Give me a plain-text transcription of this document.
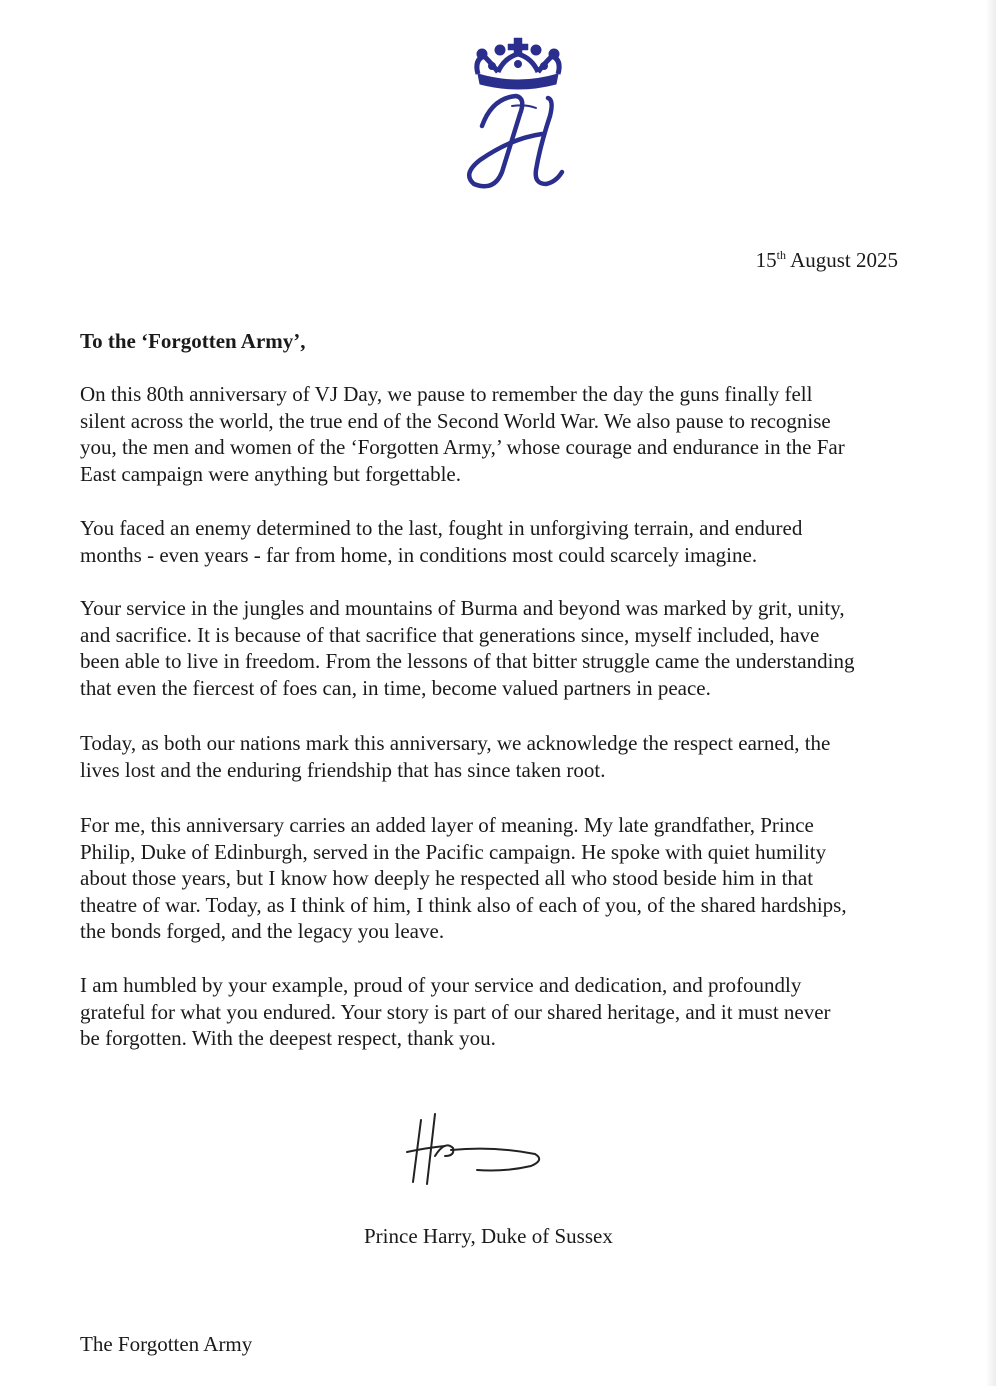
15th August 2025
To the ‘Forgotten Army’,

On this 80th anniversary of VJ Day, we pause to remember the day the guns finally fell
silent across the world, the true end of the Second World War. We also pause to recognise
you, the men and women of the ‘Forgotten Army,’ whose courage and endurance in the Far
East campaign were anything but forgettable.

You faced an enemy determined to the last, fought in unforgiving terrain, and endured
months - even years - far from home, in conditions most could scarcely imagine.

Your service in the jungles and mountains of Burma and beyond was marked by grit, unity,
and sacrifice. It is because of that sacrifice that generations since, myself included, have
been able to live in freedom. From the lessons of that bitter struggle came the understanding
that even the fiercest of foes can, in time, become valued partners in peace.

Today, as both our nations mark this anniversary, we acknowledge the respect earned, the
lives lost and the enduring friendship that has since taken root.

For me, this anniversary carries an added layer of meaning. My late grandfather, Prince
Philip, Duke of Edinburgh, served in the Pacific campaign. He spoke with quiet humility
about those years, but I know how deeply he respected all who stood beside him in that
theatre of war. Today, as I think of him, I think also of each of you, of the shared hardships,
the bonds forged, and the legacy you leave.

I am humbled by your example, proud of your service and dedication, and profoundly
grateful for what you endured. Your story is part of our shared heritage, and it must never
be forgotten. With the deepest respect, thank you.

Prince Harry, Duke of Sussex
The Forgotten Army
